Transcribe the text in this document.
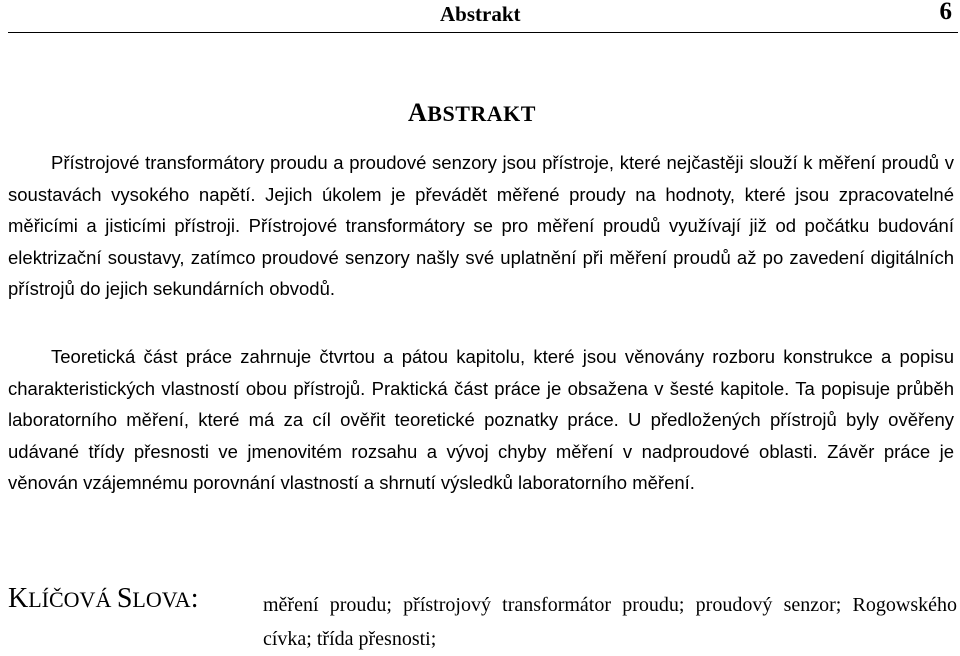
Abstrakt	6
ABSTRAKT
Přístrojové transformátory proudu a proudové senzory jsou přístroje, které nejčastěji slouží k měření proudů v soustavách vysokého napětí. Jejich úkolem je převádět měřené proudy na hodnoty, které jsou zpracovatelné měřicími a jisticími přístroji. Přístrojové transformátory se pro měření proudů využívají již od počátku budování elektrizační soustavy, zatímco proudové senzory našly své uplatnění při měření proudů až po zavedení digitálních přístrojů do jejich sekundárních obvodů.
Teoretická část práce zahrnuje čtvrtou a pátou kapitolu, které jsou věnovány rozboru konstrukce a popisu charakteristických vlastností obou přístrojů. Praktická část práce je obsažena v šesté kapitole. Ta popisuje průběh laboratorního měření, které má za cíl ověřit teoretické poznatky práce. U předložených přístrojů byly ověřeny udávané třídy přesnosti ve jmenovitém rozsahu a vývoj chyby měření v nadproudové oblasti. Závěr práce je věnován vzájemnému porovnání vlastností a shrnutí výsledků laboratorního měření.
KLÍČOVÁ SLOVA:	měření proudu; přístrojový transformátor proudu; proudový senzor; Rogowského cívka; třída přesnosti;
